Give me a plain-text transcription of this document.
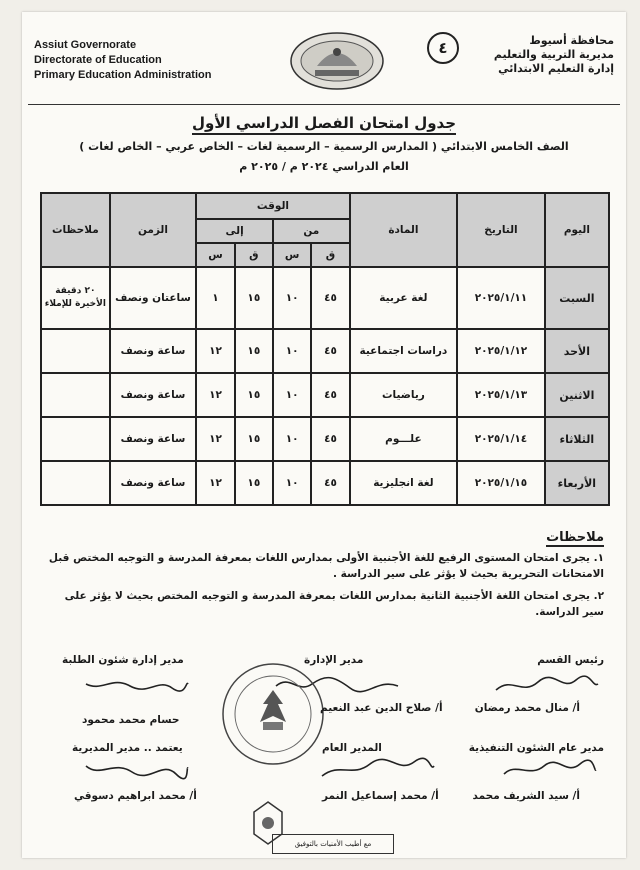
Assiut Governorate
Directorate of Education
Primary Education Administration
٤	محافظة أسيوط
مديرية التربية والتعليم
إدارة التعليم الابتدائي
جدول امتحان الفصل الدراسي الأول
الصف الخامس الابتدائي ( المدارس الرسمية – الرسمية لغات – الخاص عربي – الخاص لغات )
العام الدراسي ٢٠٢٤ م / ٢٠٢٥ م
اليوم	التاريخ	المادة	الوقت				الزمن	ملاحظات
			من		إلى			
			ق	س	ق	س		
السبت	٢٠٢٥/١/١١	لغة عربية	٤٥	١٠	١٥	١	ساعتان ونصف	٢٠ دقيقة الأخيرة للإملاء
الأحد	٢٠٢٥/١/١٢	دراسات اجتماعية	٤٥	١٠	١٥	١٢	ساعة ونصف	
الاثنين	٢٠٢٥/١/١٣	رياضيات	٤٥	١٠	١٥	١٢	ساعة ونصف	
الثلاثاء	٢٠٢٥/١/١٤	علـــوم	٤٥	١٠	١٥	١٢	ساعة ونصف	
الأربعاء	٢٠٢٥/١/١٥	لغة انجليزية	٤٥	١٠	١٥	١٢	ساعة ونصف	
ملاحظات
١. يجرى امتحان المستوى الرفيع للغة الأجنبية الأولى بمدارس اللغات بمعرفة المدرسة و التوجيه المختص قبل الامتحانات التحريرية بحيث لا يؤثر على سير الدراسة .
٢. يجرى امتحان اللغة الأجنبية الثانية بمدارس اللغات بمعرفة المدرسة و التوجيه المختص بحيث لا يؤثر على سير الدراسة.
رئيس القسم
مدير الإدارة
مدير إدارة شئون الطلبة
أ/ منال محمد رمضان
أ/ صلاح الدين عبد النعيم
حسام محمد محمود
مدير عام الشئون التنفيذية
المدير العام
يعتمد .. مدير المديرية
أ/ سيد الشريف محمد
أ/ محمد إسماعيل النمر
أ/ محمد ابراهيم دسوقي
مع أطيب الأمنيات بالتوفيق
